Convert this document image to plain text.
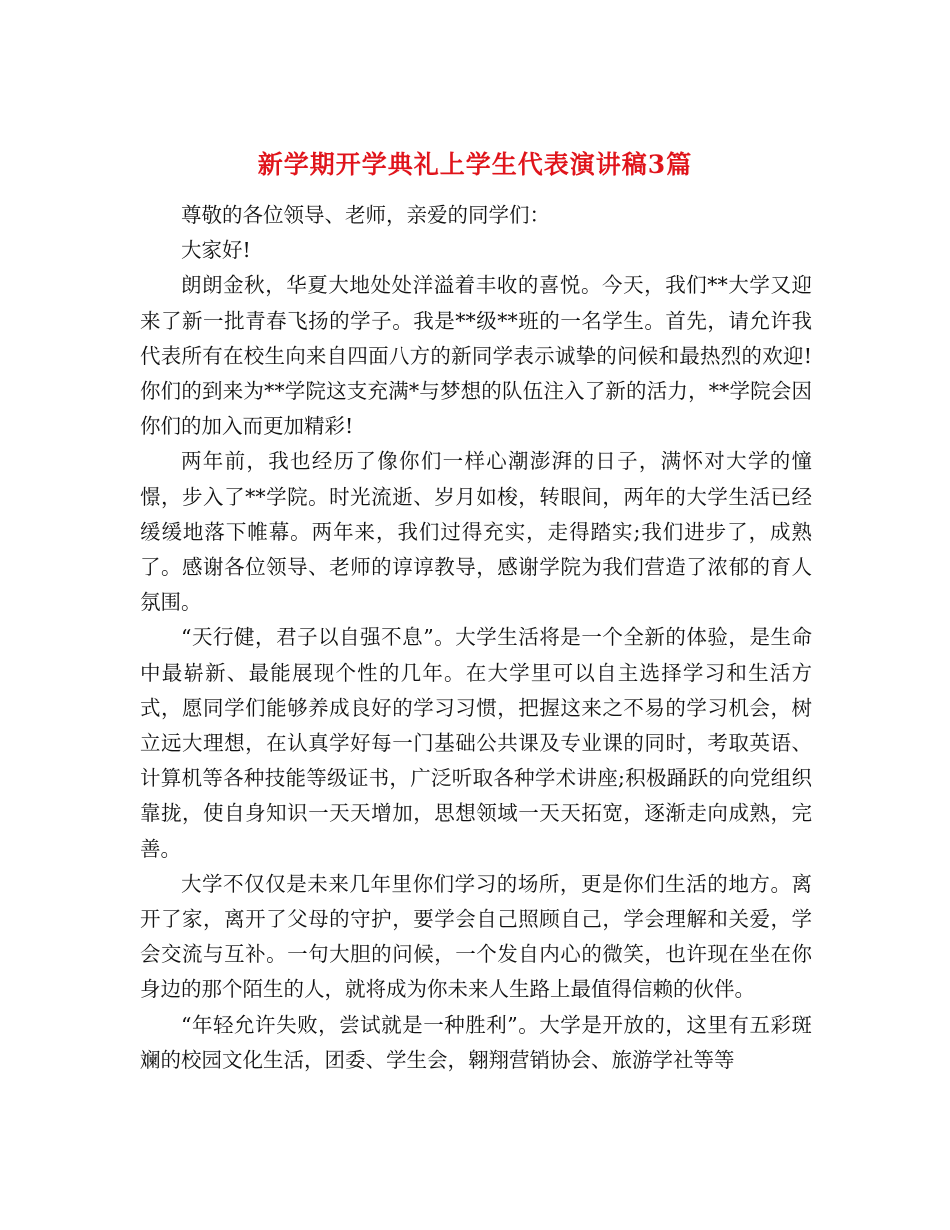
新学期开学典礼上学生代表演讲稿3篇

尊敬的各位领导、老师，亲爱的同学们：

大家好!

朗朗金秋，华夏大地处处洋溢着丰收的喜悦。今天，我们**大学又迎来了新一批青春飞扬的学子。我是**级**班的一名学生。首先，请允许我代表所有在校生向来自四面八方的新同学表示诚挚的问候和最热烈的欢迎!你们的到来为**学院这支充满*与梦想的队伍注入了新的活力，**学院会因你们的加入而更加精彩!

两年前，我也经历了像你们一样心潮澎湃的日子，满怀对大学的憧憬，步入了**学院。时光流逝、岁月如梭，转眼间，两年的大学生活已经缓缓地落下帷幕。两年来，我们过得充实，走得踏实;我们进步了，成熟了。感谢各位领导、老师的谆谆教导，感谢学院为我们营造了浓郁的育人氛围。

“天行健，君子以自强不息”。大学生活将是一个全新的体验，是生命中最崭新、最能展现个性的几年。在大学里可以自主选择学习和生活方式，愿同学们能够养成良好的学习习惯，把握这来之不易的学习机会，树立远大理想，在认真学好每一门基础公共课及专业课的同时，考取英语、计算机等各种技能等级证书，广泛听取各种学术讲座;积极踊跃的向党组织靠拢，使自身知识一天天增加，思想领域一天天拓宽，逐渐走向成熟，完善。

大学不仅仅是未来几年里你们学习的场所，更是你们生活的地方。离开了家，离开了父母的守护，要学会自己照顾自己，学会理解和关爱，学会交流与互补。一句大胆的问候，一个发自内心的微笑，也许现在坐在你身边的那个陌生的人，就将成为你未来人生路上最值得信赖的伙伴。

“年轻允许失败，尝试就是一种胜利”。大学是开放的，这里有五彩斑斓的校园文化生活，团委、学生会，翱翔营销协会、旅游学社等等
